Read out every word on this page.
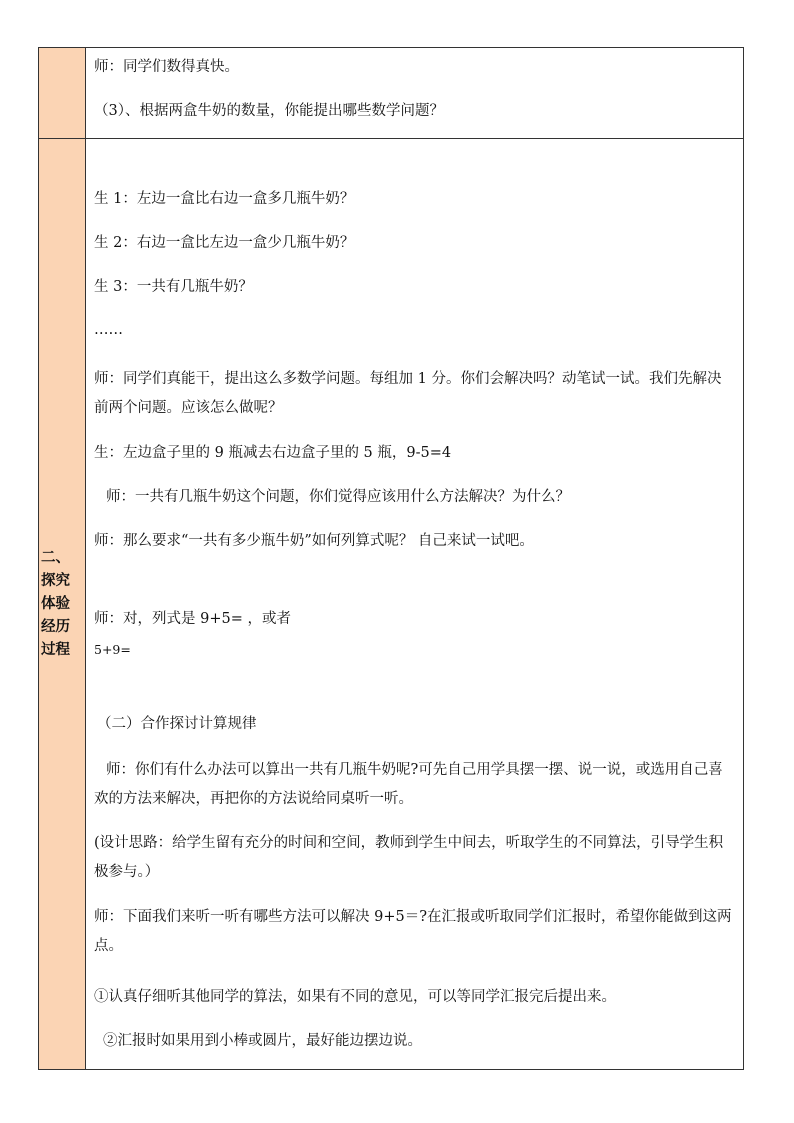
师：同学们数得真快。
（3）、根据两盒牛奶的数量，你能提出哪些数学问题？
二、
探究
体验
经历
过程
生 1：左边一盒比右边一盒多几瓶牛奶？
生 2：右边一盒比左边一盒少几瓶牛奶？
生 3：一共有几瓶牛奶？
……
师：同学们真能干，提出这么多数学问题。每组加 1 分。你们会解决吗？动笔试一试。我们先解决前两个问题。应该怎么做呢？
生：左边盒子里的 9 瓶减去右边盒子里的 5 瓶，9-5=4
师：一共有几瓶牛奶这个问题，你们觉得应该用什么方法解决？为什么？
师：那么要求“一共有多少瓶牛奶”如何列算式呢？ 自己来试一试吧。
师：对，列式是 9+5= ，或者
5+9=
（二）合作探讨计算规律
师：你们有什么办法可以算出一共有几瓶牛奶呢?可先自己用学具摆一摆、说一说，或选用自己喜欢的方法来解决，再把你的方法说给同桌听一听。
(设计思路：给学生留有充分的时间和空间，教师到学生中间去，听取学生的不同算法，引导学生积极参与。）
师：下面我们来听一听有哪些方法可以解决 9+5＝?在汇报或听取同学们汇报时，希望你能做到这两点。
①认真仔细听其他同学的算法，如果有不同的意见，可以等同学汇报完后提出来。
②汇报时如果用到小棒或圆片，最好能边摆边说。
